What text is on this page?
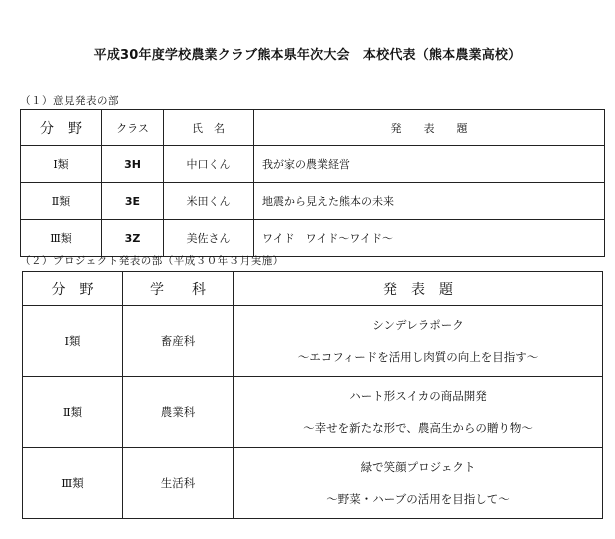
平成30年度学校農業クラブ熊本県年次大会　本校代表（熊本農業高校）
（１）意見発表の部
分　野	クラス	氏　名	発　　表　　題
Ⅰ類	3H	中口くん	我が家の農業経営
Ⅱ類	3E	米田くん	地震から見えた熊本の未来
Ⅲ類	3Z	美佐さん	ワイド　ワイド〜ワイド〜
（２）プロジェクト発表の部（平成３０年３月実施）
分　野	学　　科	発　表　題
Ⅰ類	畜産科	シンデレラポーク
〜エコフィードを活用し肉質の向上を目指す〜

Ⅱ類	農業科	ハート形スイカの商品開発
〜幸せを新たな形で、農高生からの贈り物〜

Ⅲ類	生活科	緑で笑顔プロジェクト
〜野菜・ハーブの活用を目指して〜
